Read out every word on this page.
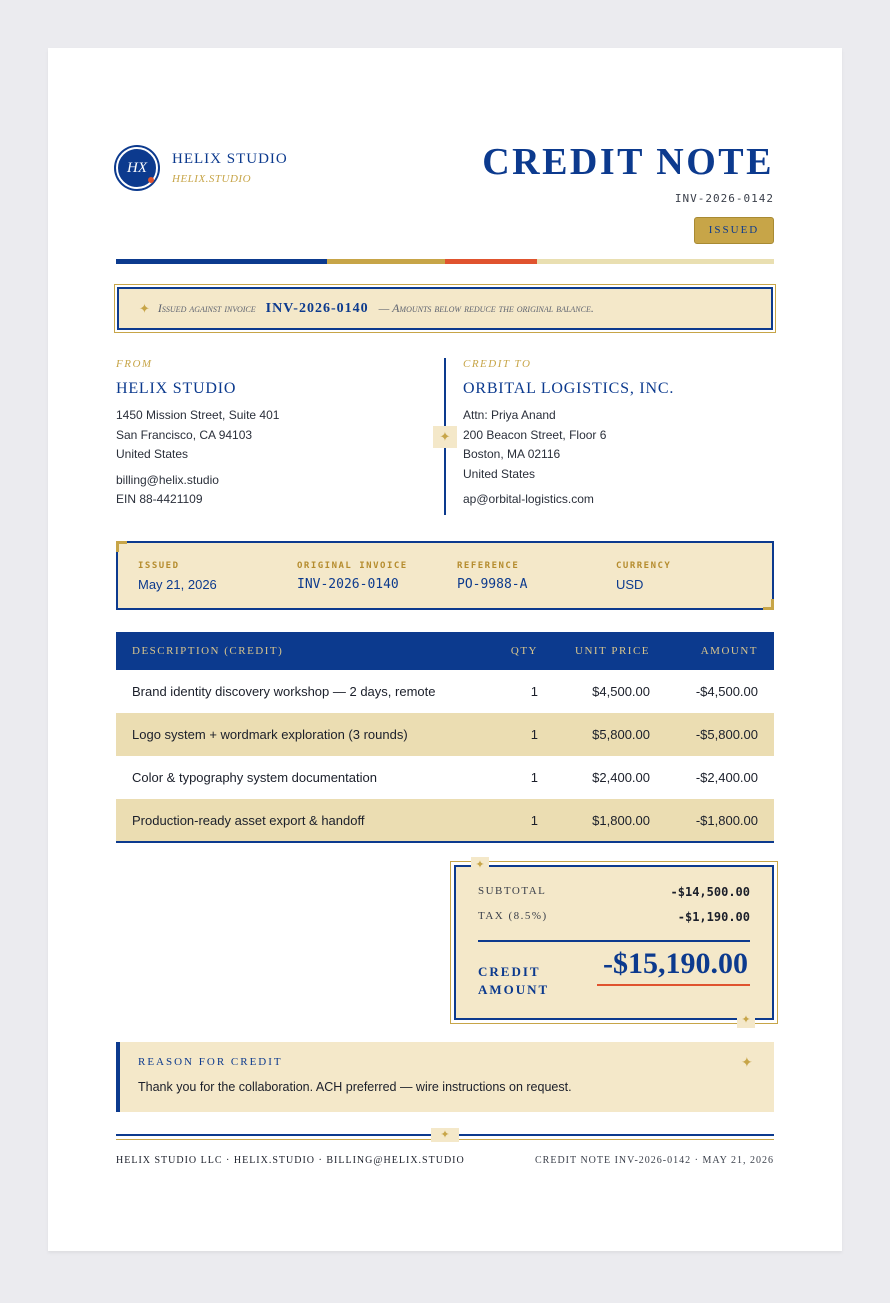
HX
HELIX STUDIO
HELIX.STUDIO	CREDIT NOTE
INV-2026-0142
ISSUED
✦ Issued against invoice INV-2026-0140 — Amounts below reduce the original balance.
FROM
HELIX STUDIO
1450 Mission Street, Suite 401
San Francisco, CA 94103
United States
billing@helix.studio
EIN 88-4421109
✦
CREDIT TO
ORBITAL LOGISTICS, INC.
Attn: Priya Anand
200 Beacon Street, Floor 6
Boston, MA 02116
United States
ap@orbital-logistics.com
ISSUED
May 21, 2026
ORIGINAL INVOICE
INV-2026-0140
REFERENCE
PO-9988-A
CURRENCY
USD
DESCRIPTION (CREDIT)	QTY	UNIT PRICE	AMOUNT
Brand identity discovery workshop — 2 days, remote	1	$4,500.00	-$4,500.00
Logo system + wordmark exploration (3 rounds)	1	$5,800.00	-$5,800.00
Color & typography system documentation	1	$2,400.00	-$2,400.00
Production-ready asset export & handoff	1	$1,800.00	-$1,800.00
✦
✦
SUBTOTAL	-$14,500.00
TAX (8.5%)	-$1,190.00
CREDIT
AMOUNT
-$15,190.00
REASON FOR CREDIT
Thank you for the collaboration. ACH preferred — wire instructions on request.
✦
✦
HELIX STUDIO LLC · HELIX.STUDIO · BILLING@HELIX.STUDIO	CREDIT NOTE INV-2026-0142 · MAY 21, 2026
